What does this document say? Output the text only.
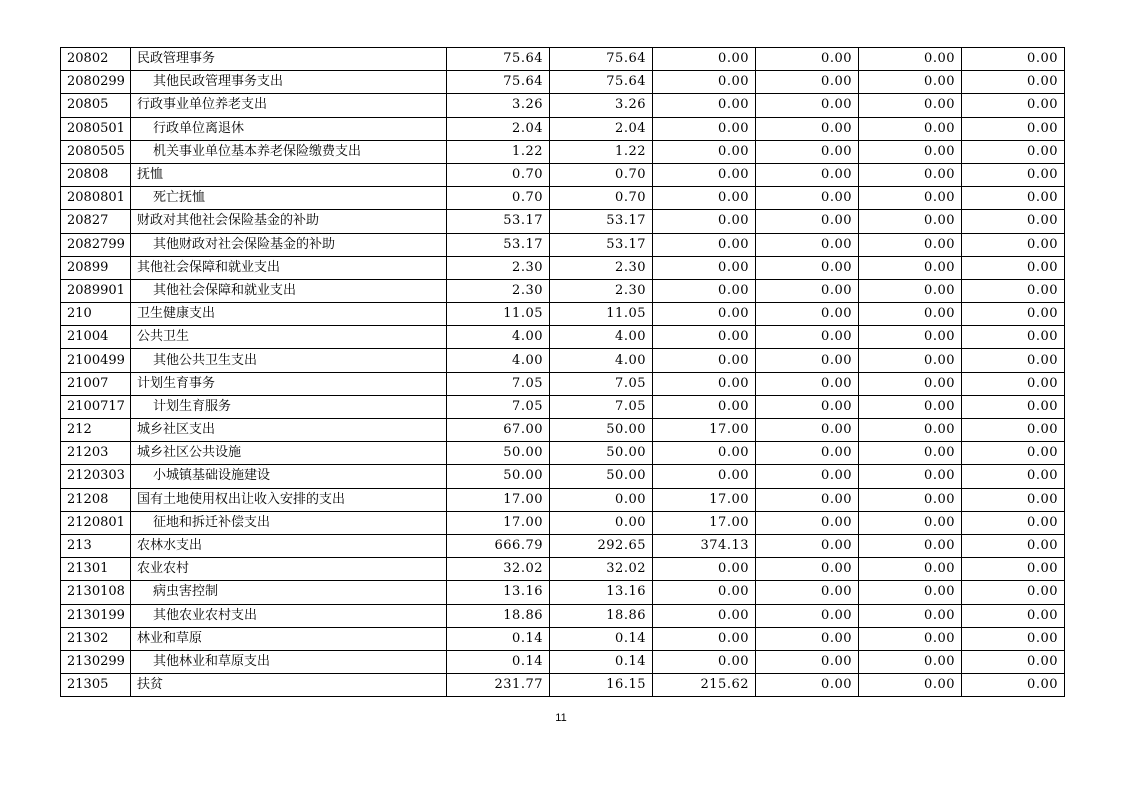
20802	民政管理事务	75.64	75.64	0.00	0.00	0.00	0.00
2080299	其他民政管理事务支出	75.64	75.64	0.00	0.00	0.00	0.00
20805	行政事业单位养老支出	3.26	3.26	0.00	0.00	0.00	0.00
2080501	行政单位离退休	2.04	2.04	0.00	0.00	0.00	0.00
2080505	机关事业单位基本养老保险缴费支出	1.22	1.22	0.00	0.00	0.00	0.00
20808	抚恤	0.70	0.70	0.00	0.00	0.00	0.00
2080801	死亡抚恤	0.70	0.70	0.00	0.00	0.00	0.00
20827	财政对其他社会保险基金的补助	53.17	53.17	0.00	0.00	0.00	0.00
2082799	其他财政对社会保险基金的补助	53.17	53.17	0.00	0.00	0.00	0.00
20899	其他社会保障和就业支出	2.30	2.30	0.00	0.00	0.00	0.00
2089901	其他社会保障和就业支出	2.30	2.30	0.00	0.00	0.00	0.00
210	卫生健康支出	11.05	11.05	0.00	0.00	0.00	0.00
21004	公共卫生	4.00	4.00	0.00	0.00	0.00	0.00
2100499	其他公共卫生支出	4.00	4.00	0.00	0.00	0.00	0.00
21007	计划生育事务	7.05	7.05	0.00	0.00	0.00	0.00
2100717	计划生育服务	7.05	7.05	0.00	0.00	0.00	0.00
212	城乡社区支出	67.00	50.00	17.00	0.00	0.00	0.00
21203	城乡社区公共设施	50.00	50.00	0.00	0.00	0.00	0.00
2120303	小城镇基础设施建设	50.00	50.00	0.00	0.00	0.00	0.00
21208	国有土地使用权出让收入安排的支出	17.00	0.00	17.00	0.00	0.00	0.00
2120801	征地和拆迁补偿支出	17.00	0.00	17.00	0.00	0.00	0.00
213	农林水支出	666.79	292.65	374.13	0.00	0.00	0.00
21301	农业农村	32.02	32.02	0.00	0.00	0.00	0.00
2130108	病虫害控制	13.16	13.16	0.00	0.00	0.00	0.00
2130199	其他农业农村支出	18.86	18.86	0.00	0.00	0.00	0.00
21302	林业和草原	0.14	0.14	0.00	0.00	0.00	0.00
2130299	其他林业和草原支出	0.14	0.14	0.00	0.00	0.00	0.00
21305	扶贫	231.77	16.15	215.62	0.00	0.00	0.00
11
